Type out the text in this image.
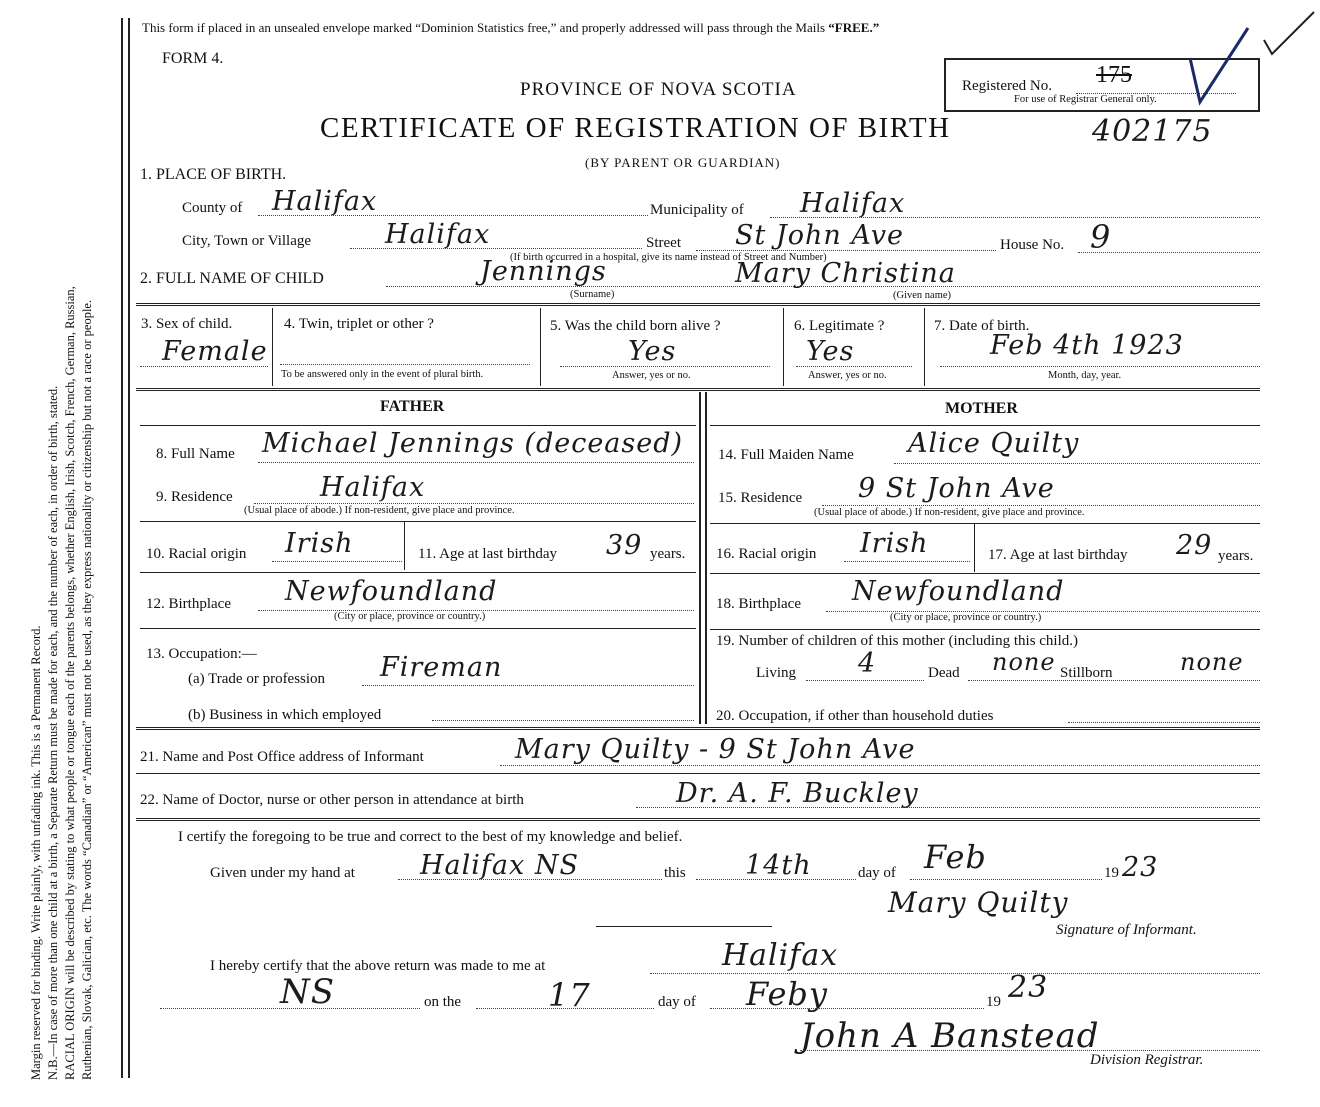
Margin reserved for binding. Write plainly, with unfading ink. This is a Permanent Record. N.B.—In case of more than one child at a birth, a Separate Return must be made for each, and the number of each, in order of birth, stated. RACIAL ORIGIN will be described by stating to what people or tongue each of the parents belongs, whether English, Irish, Scotch, French, German, Russian, Ruthenian, Slovak, Galician, etc. The words “Canadian” or “American” must not be used, as they express nationality or citizenship but not a race or people.
This form if placed in an unsealed envelope marked “Dominion Statistics free,” and properly addressed will pass through the Mails “FREE.”
FORM 4.
PROVINCE OF NOVA SCOTIA
CERTIFICATE OF REGISTRATION OF BIRTH	402175
(BY PARENT OR GUARDIAN)
Registered No. 175
For use of Registrar General only.
1. PLACE OF BIRTH.
County of Halifax	Municipality of Halifax
City, Town or Village	Halifax	Street St John Ave	House No. 9
(If birth occurred in a hospital, give its name instead of Street and Number)
2. FULL NAME OF CHILD	Jennings	Mary Christina
(Surname)	(Given name)
3. Sex of child.
Female
4. Twin, triplet or other ?
To be answered only in the event of plural birth.
5. Was the child born alive ?
Yes
Answer, yes or no.
6. Legitimate ?
Yes
Answer, yes or no.
7. Date of birth.
Feb 4th 1923
Month, day, year.
FATHER	MOTHER
8. Full Name Michael Jennings (deceased)
9. Residence	Halifax
(Usual place of abode.) If non-resident, give place and province.
10. Racial origin Irish	11. Age at last birthday 39 years.
12. Birthplace Newfoundland
(City or place, province or country.)
13. Occupation:—
(a) Trade or profession Fireman
(b) Business in which employed
14. Full Maiden Name Alice Quilty
15. Residence 9 St John Ave
(Usual place of abode.) If non-resident, give place and province.
16. Racial origin Irish	17. Age at last birthday 29 years.
18. Birthplace Newfoundland
(City or place, province or country.)
19. Number of children of this mother (including this child.)
Living 4	Dead none Stillborn	none
20. Occupation, if other than household duties
21. Name and Post Office address of Informant	Mary Quilty - 9 St John Ave
22. Name of Doctor, nurse or other person in attendance at birth	Dr. A. F. Buckley
I certify the foregoing to be true and correct to the best of my knowledge and belief.
Given under my hand at Halifax NS	this 14th	day of Feb	19 23
Mary Quilty
Signature of Informant.
I hereby certify that the above return was made to me at	Halifax
NS	on the	17	day of Feby	19 23
John A Banstead
Division Registrar.
